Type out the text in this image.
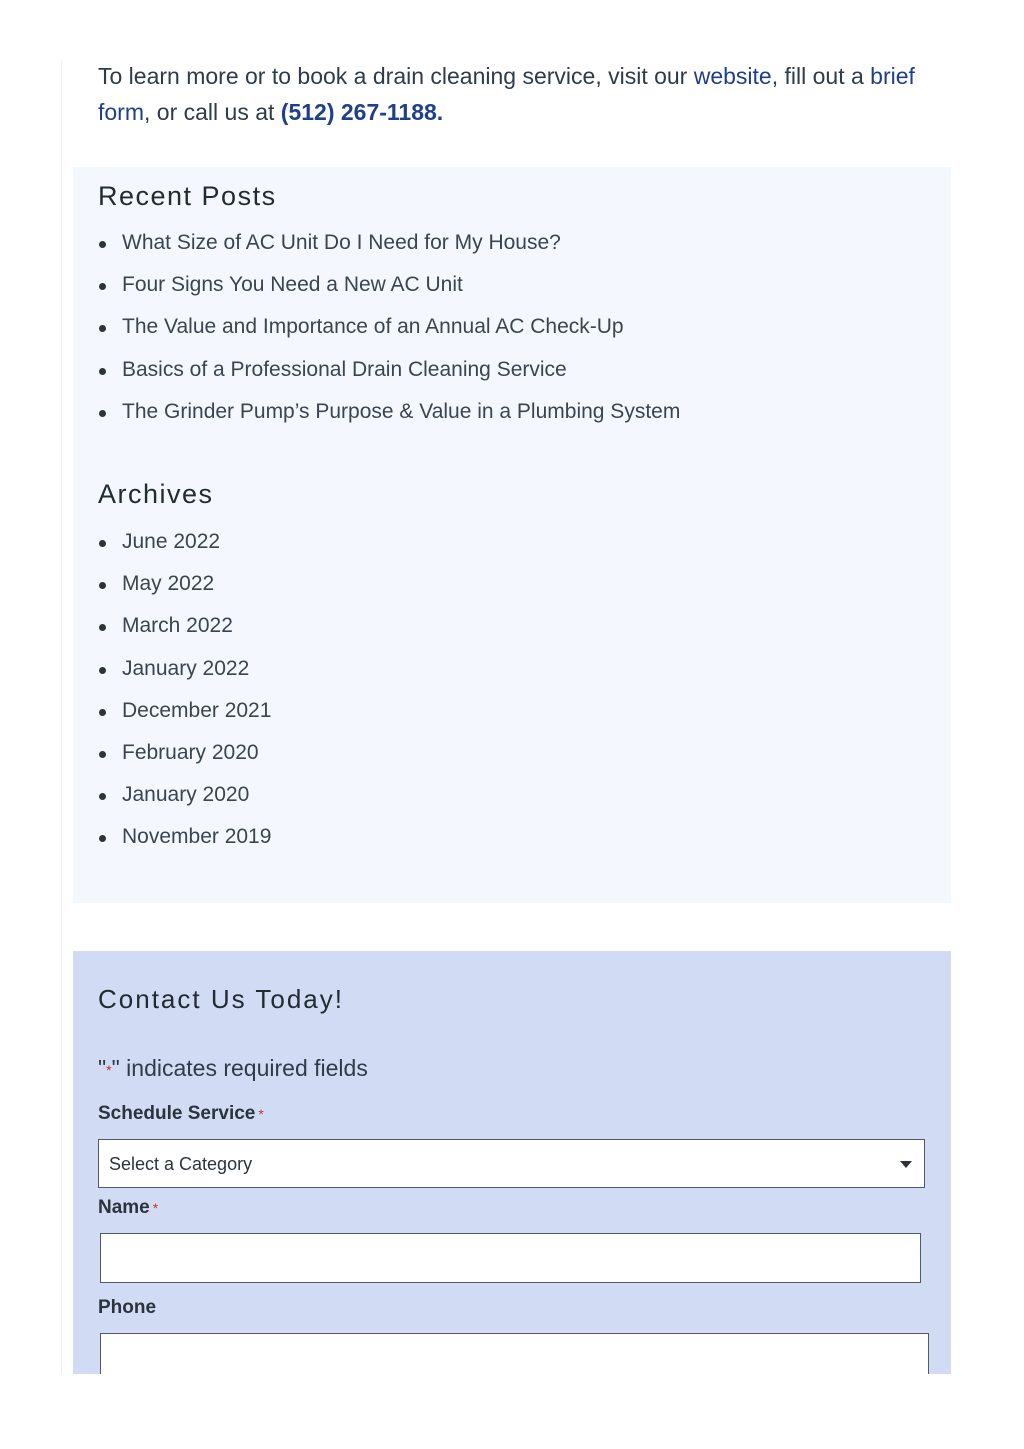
To learn more or to book a drain cleaning service, visit our website, fill out a brief form, or call us at (512) 267-1188.

Recent Posts
What Size of AC Unit Do I Need for My House?
Four Signs You Need a New AC Unit
The Value and Importance of an Annual AC Check-Up
Basics of a Professional Drain Cleaning Service
The Grinder Pump’s Purpose & Value in a Plumbing System
Archives
June 2022
May 2022
March 2022
January 2022
December 2021
February 2020
January 2020
November 2019
Contact Us Today!
"*" indicates required fields
Schedule Service *
Select a Category
Name *
Phone
